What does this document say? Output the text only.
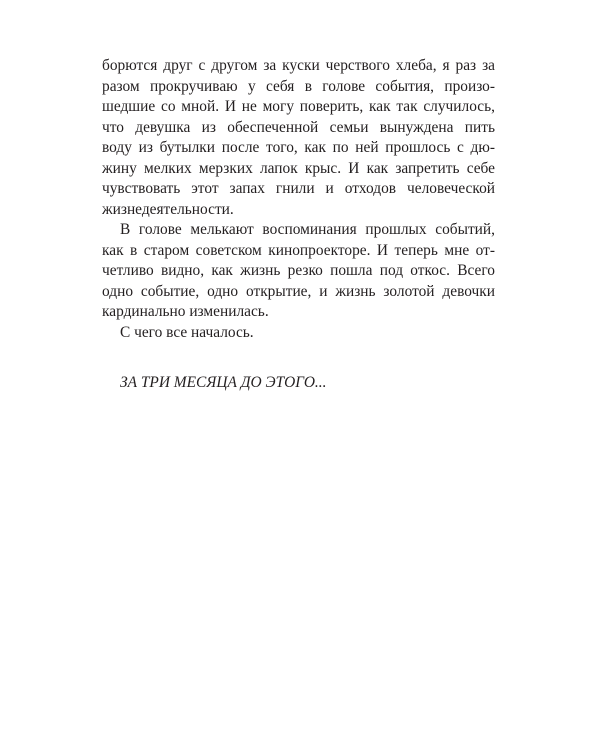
борются друг с другом за куски черствого хлеба, я раз за
разом прокручиваю у себя в голове события, произо-
шедшие со мной. И не могу поверить, как так случилось,
что девушка из обеспеченной семьи вынуждена пить
воду из бутылки после того, как по ней прошлось с дю-
жину мелких мерзких лапок крыс. И как запретить себе
чувствовать этот запах гнили и отходов человеческой
жизнедеятельности.
В голове мелькают воспоминания прошлых событий,
как в старом советском кинопроекторе. И теперь мне от-
четливо видно, как жизнь резко пошла под откос. Всего
одно событие, одно открытие, и жизнь золотой девочки
кардинально изменилась.
С чего все началось.
ЗА ТРИ МЕСЯЦА ДО ЭТОГО...
